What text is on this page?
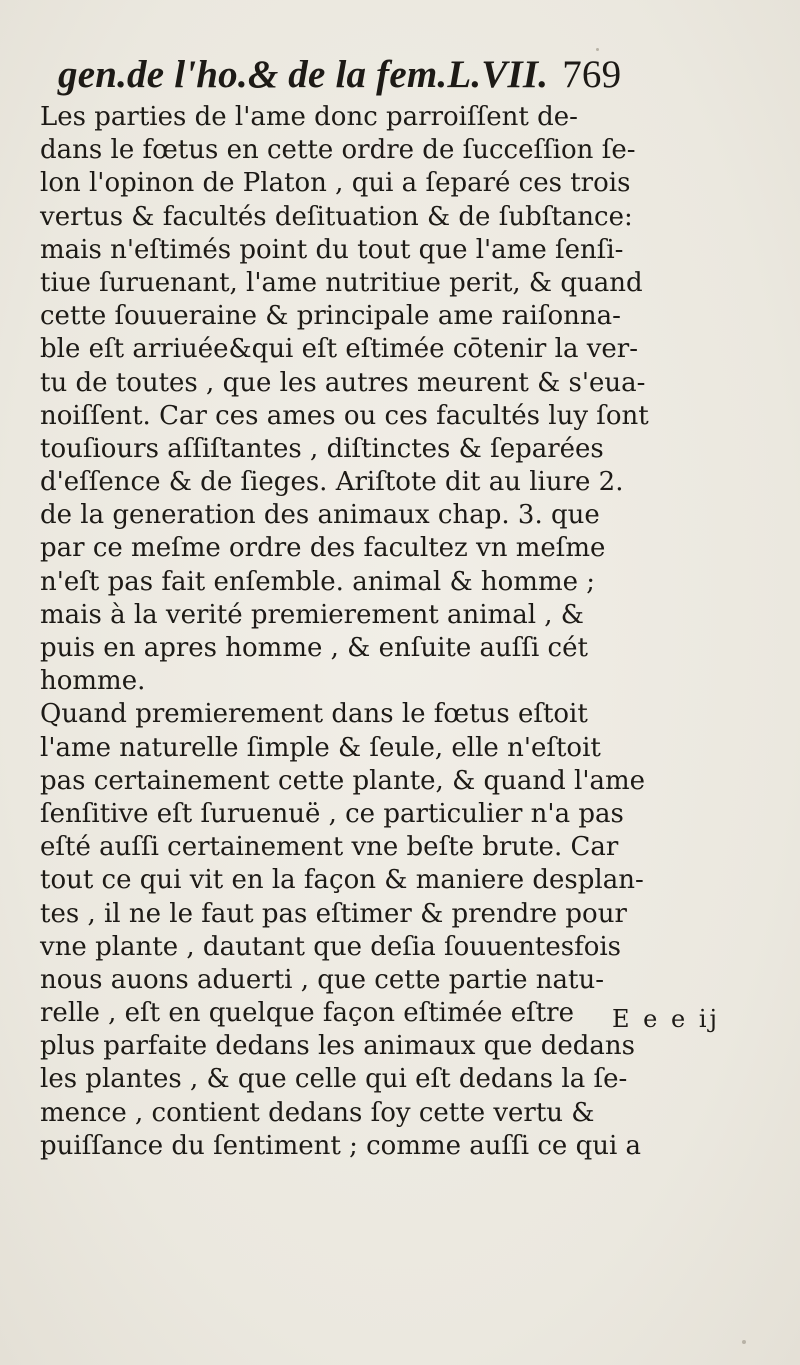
gen.de l'ho.& de la fem.L.VII. 769
Les parties de l'ame donc parroiſſent de-
dans le fœtus en cette ordre de ſucceſſion ſe-
lon l'opinon de Platon , qui a ſeparé ces trois
vertus & facultés deſituation & de ſubſtance:
mais n'eſtimés point du tout que l'ame ſenſi-
tiue ſuruenant, l'ame nutritiue perit, & quand
cette ſouueraine & principale ame raiſonna-
ble eſt arriuée&qui eſt eſtimée cōtenir la ver-
tu de toutes , que les autres meurent & s'eua-
noiſſent. Car ces ames ou ces facultés luy ſont
touſiours aſſiſtantes , diſtinctes & ſeparées
d'eſſence & de ſieges. Ariſtote dit au liure 2.
de la generation des animaux chap. 3. que
par ce meſme ordre des facultez vn meſme
n'eſt pas fait enſemble. animal & homme ;
mais à la verité premierement animal , &
puis en apres homme , & enſuite auſſi cét
homme.
Quand premierement dans le fœtus eſtoit
l'ame naturelle ſimple & ſeule, elle n'eſtoit
pas certainement cette plante, & quand l'ame
ſenſitive eſt ſuruenuë , ce particulier n'a pas
eſté auſſi certainement vne beſte brute. Car
tout ce qui vit en la façon & maniere desplan-
tes , il ne le faut pas eſtimer & prendre pour
vne plante , dautant que deſia ſouuentesfois
nous auons aduerti , que cette partie natu-
relle , eſt en quelque façon eſtimée eſtre
plus parfaite dedans les animaux que dedans
les plantes , & que celle qui eſt dedans la ſe-
mence , contient dedans ſoy cette vertu &
puiſſance du ſentiment ; comme auſſi ce qui a
E e e ij
